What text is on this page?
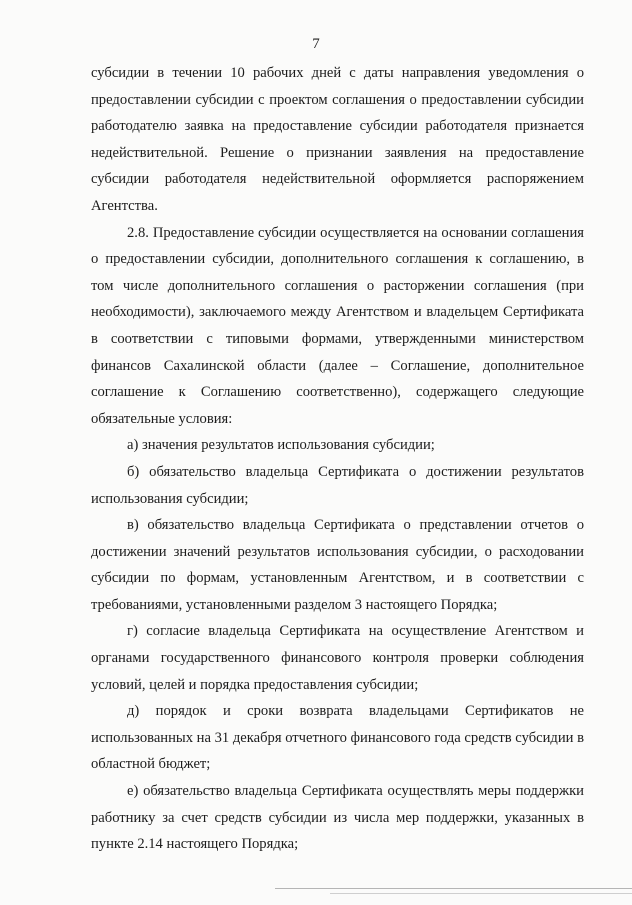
7

субсидии в течении 10 рабочих дней с даты направления уведомления о предоставлении субсидии с проектом соглашения о предоставлении субсидии работодателю заявка на предоставление субсидии работодателя признается недействительной. Решение о признании заявления на предоставление субсидии работодателя недействительной оформляется распоряжением Агентства.

2.8. Предоставление субсидии осуществляется на основании соглашения о предоставлении субсидии, дополнительного соглашения к соглашению, в том числе дополнительного соглашения о расторжении соглашения (при необходимости), заключаемого между Агентством и владельцем Сертификата в соответствии с типовыми формами, утвержденными министерством финансов Сахалинской области (далее – Соглашение, дополнительное соглашение к Соглашению соответственно), содержащего следующие обязательные условия:

а) значения результатов использования субсидии;

б) обязательство владельца Сертификата о достижении результатов использования субсидии;

в) обязательство владельца Сертификата о представлении отчетов о достижении значений результатов использования субсидии, о расходовании субсидии по формам, установленным Агентством, и в соответствии с требованиями, установленными разделом 3 настоящего Порядка;

г) согласие владельца Сертификата на осуществление Агентством и органами государственного финансового контроля проверки соблюдения условий, целей и порядка предоставления субсидии;

д) порядок и сроки возврата владельцами Сертификатов не использованных на 31 декабря отчетного финансового года средств субсидии в областной бюджет;

е) обязательство владельца Сертификата осуществлять меры поддержки работнику за счет средств субсидии из числа мер поддержки, указанных в пункте 2.14 настоящего Порядка;
